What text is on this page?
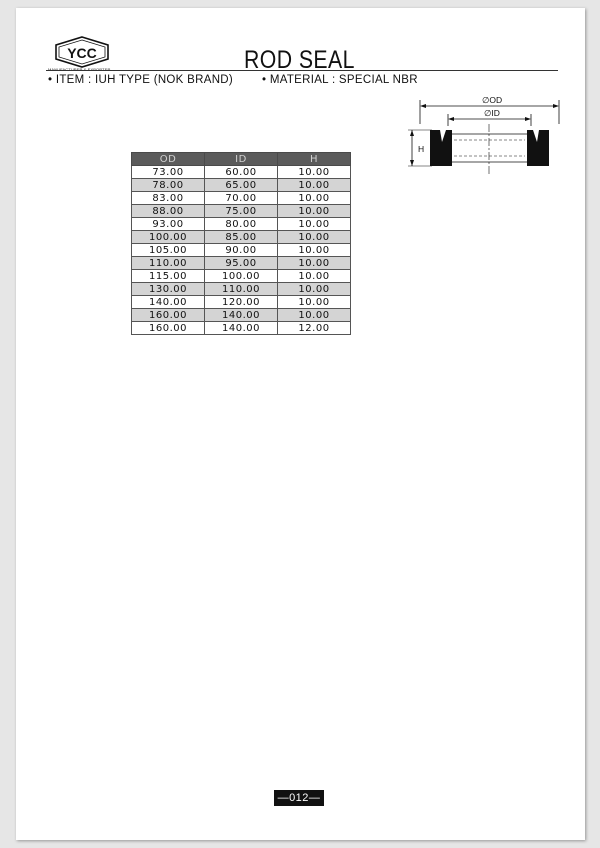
YCC
MANUFACTURER & EXPORTER	ROD SEAL
• ITEM : IUH TYPE (NOK BRAND)	• MATERIAL : SPECIAL NBR
∅OD
∅ID
H
OD	ID	H
73.00	60.00	10.00
78.00	65.00	10.00
83.00	70.00	10.00
88.00	75.00	10.00
93.00	80.00	10.00
100.00	85.00	10.00
105.00	90.00	10.00
110.00	95.00	10.00
115.00	100.00	10.00
130.00	110.00	10.00
140.00	120.00	10.00
160.00	140.00	10.00
160.00	140.00	12.00
—012—
